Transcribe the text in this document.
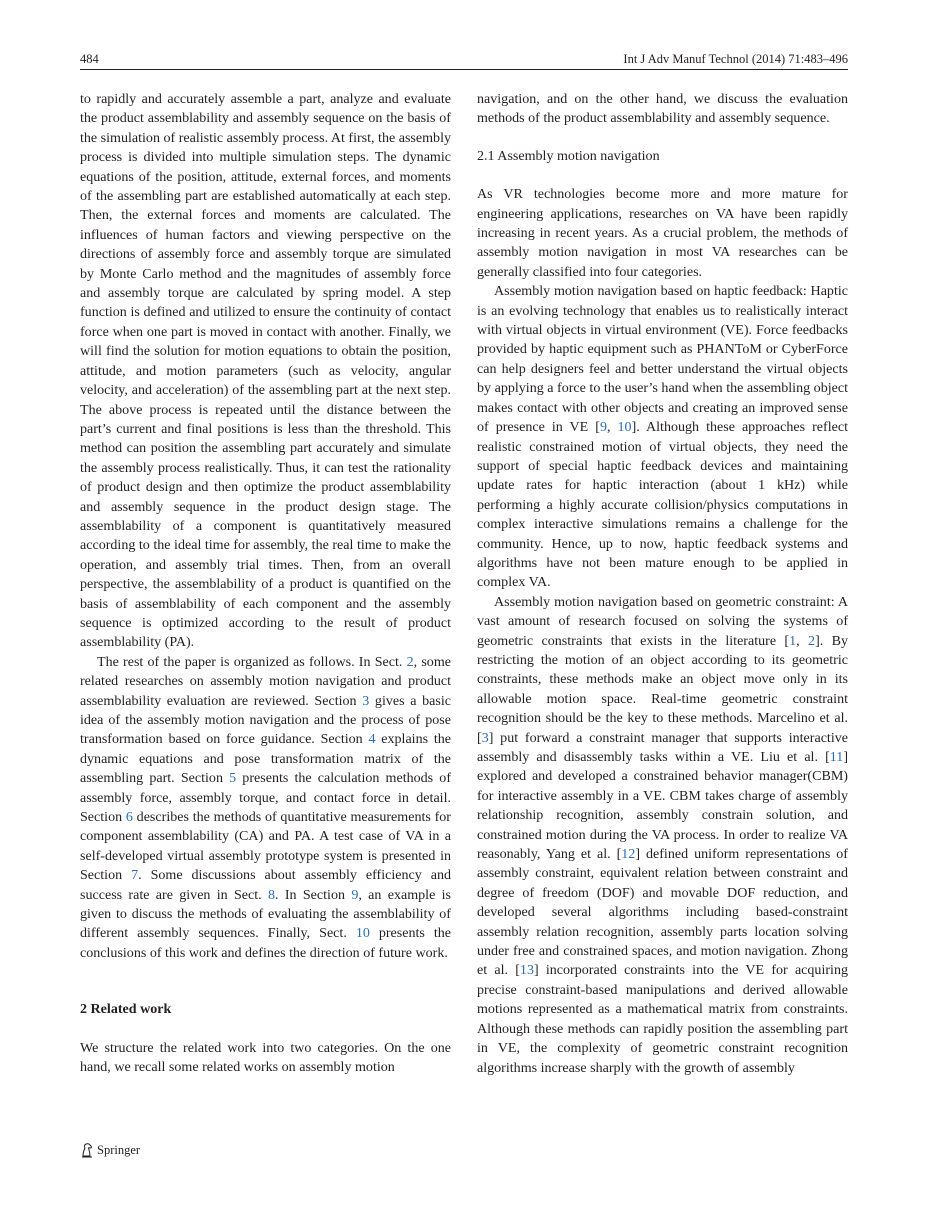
484	Int J Adv Manuf Technol (2014) 71:483–496

to rapidly and accurately assemble a part, analyze and evaluate the product assemblability and assembly sequence on the basis of the simulation of realistic assembly process. At first, the assembly process is divided into multiple simulation steps. The dynamic equations of the position, attitude, external forces, and moments of the assembling part are established automatically at each step. Then, the external forces and moments are calculated. The influences of human factors and viewing perspective on the directions of assembly force and assembly torque are simulated by Monte Carlo method and the magnitudes of assembly force and assembly torque are calculated by spring model. A step function is defined and utilized to ensure the continuity of contact force when one part is moved in contact with another. Finally, we will find the solution for motion equations to obtain the position, attitude, and motion parameters (such as velocity, angular velocity, and acceleration) of the assembling part at the next step. The above process is repeated until the distance between the part’s current and final positions is less than the threshold. This method can position the assembling part accurately and simulate the assembly process realistically. Thus, it can test the rationality of product design and then optimize the product assemblability and assembly sequence in the product design stage. The assemblability of a component is quantitatively measured according to the ideal time for assembly, the real time to make the operation, and assembly trial times. Then, from an overall perspective, the assemblability of a product is quantified on the basis of assemblability of each component and the assembly sequence is optimized according to the result of product assemblability (PA).

The rest of the paper is organized as follows. In Sect. 2, some related researches on assembly motion navigation and product assemblability evaluation are reviewed. Section 3 gives a basic idea of the assembly motion navigation and the process of pose transformation based on force guidance. Section 4 explains the dynamic equations and pose transformation matrix of the assembling part. Section 5 presents the calculation methods of assembly force, assembly torque, and contact force in detail. Section 6 describes the methods of quantitative measurements for component assemblability (CA) and PA. A test case of VA in a self-developed virtual assembly prototype system is presented in Section 7. Some discussions about assembly efficiency and success rate are given in Sect. 8. In Section 9, an example is given to discuss the methods of evaluating the assemblability of different assembly sequences. Finally, Sect. 10 presents the conclusions of this work and defines the direction of future work.

2 Related work

We structure the related work into two categories. On the one hand, we recall some related works on assembly motion

navigation, and on the other hand, we discuss the evaluation methods of the product assemblability and assembly sequence.

2.1 Assembly motion navigation

As VR technologies become more and more mature for engineering applications, researches on VA have been rapidly increasing in recent years. As a crucial problem, the methods of assembly motion navigation in most VA researches can be generally classified into four categories.

Assembly motion navigation based on haptic feedback: Haptic is an evolving technology that enables us to realistically interact with virtual objects in virtual environment (VE). Force feedbacks provided by haptic equipment such as PHANToM or CyberForce can help designers feel and better understand the virtual objects by applying a force to the user’s hand when the assembling object makes contact with other objects and creating an improved sense of presence in VE [9, 10]. Although these approaches reflect realistic constrained motion of virtual objects, they need the support of special haptic feedback devices and maintaining update rates for haptic interaction (about 1 kHz) while performing a highly accurate collision/physics computations in complex interactive simulations remains a challenge for the community. Hence, up to now, haptic feedback systems and algorithms have not been mature enough to be applied in complex VA.

Assembly motion navigation based on geometric constraint: A vast amount of research focused on solving the systems of geometric constraints that exists in the literature [1, 2]. By restricting the motion of an object according to its geometric constraints, these methods make an object move only in its allowable motion space. Real-time geometric constraint recognition should be the key to these methods. Marcelino et al. [3] put forward a constraint manager that supports interactive assembly and disassembly tasks within a VE. Liu et al. [11] explored and developed a constrained behavior manager(CBM) for interactive assembly in a VE. CBM takes charge of assembly relationship recognition, assembly constrain solution, and constrained motion during the VA process. In order to realize VA reasonably, Yang et al. [12] defined uniform representations of assembly constraint, equivalent relation between constraint and degree of freedom (DOF) and movable DOF reduction, and developed several algorithms including based-constraint assembly relation recognition, assembly parts location solving under free and constrained spaces, and motion navigation. Zhong et al. [13] incorporated constraints into the VE for acquiring precise constraint-based manipulations and derived allowable motions represented as a mathematical matrix from constraints. Although these methods can rapidly position the assembling part in VE, the complexity of geometric constraint recognition algorithms increase sharply with the growth of assembly

Springer
